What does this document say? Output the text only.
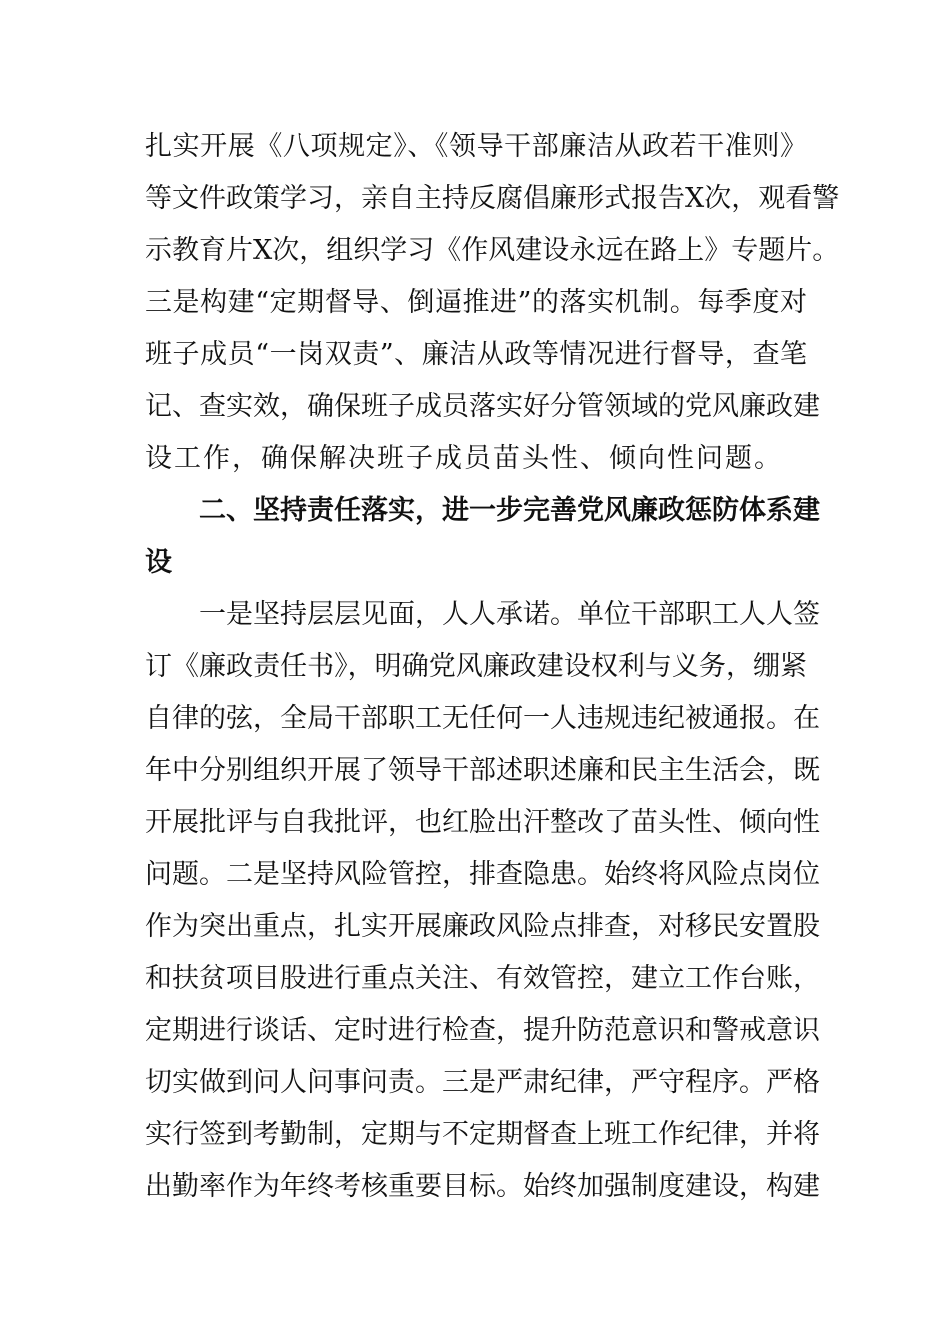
扎实开展《八项规定》、《领导干部廉洁从政若干准则》
等文件政策学习，亲自主持反腐倡廉形式报告X次，观看警
示教育片X次，组织学习《作风建设永远在路上》专题片。
三是构建“定期督导、倒逼推进”的落实机制。每季度对
班子成员“一岗双责”、廉洁从政等情况进行督导，查笔
记、查实效，确保班子成员落实好分管领域的党风廉政建
设工作，确保解决班子成员苗头性、倾向性问题。
二、坚持责任落实，进一步完善党风廉政惩防体系建
设
一是坚持层层见面，人人承诺。单位干部职工人人签
订《廉政责任书》，明确党风廉政建设权利与义务，绷紧
自律的弦，全局干部职工无任何一人违规违纪被通报。在
年中分别组织开展了领导干部述职述廉和民主生活会，既
开展批评与自我批评，也红脸出汗整改了苗头性、倾向性
问题。二是坚持风险管控，排查隐患。始终将风险点岗位
作为突出重点，扎实开展廉政风险点排查，对移民安置股
和扶贫项目股进行重点关注、有效管控，建立工作台账，
定期进行谈话、定时进行检查，提升防范意识和警戒意识
切实做到问人问事问责。三是严肃纪律，严守程序。严格
实行签到考勤制，定期与不定期督查上班工作纪律，并将
出勤率作为年终考核重要目标。始终加强制度建设，构建
